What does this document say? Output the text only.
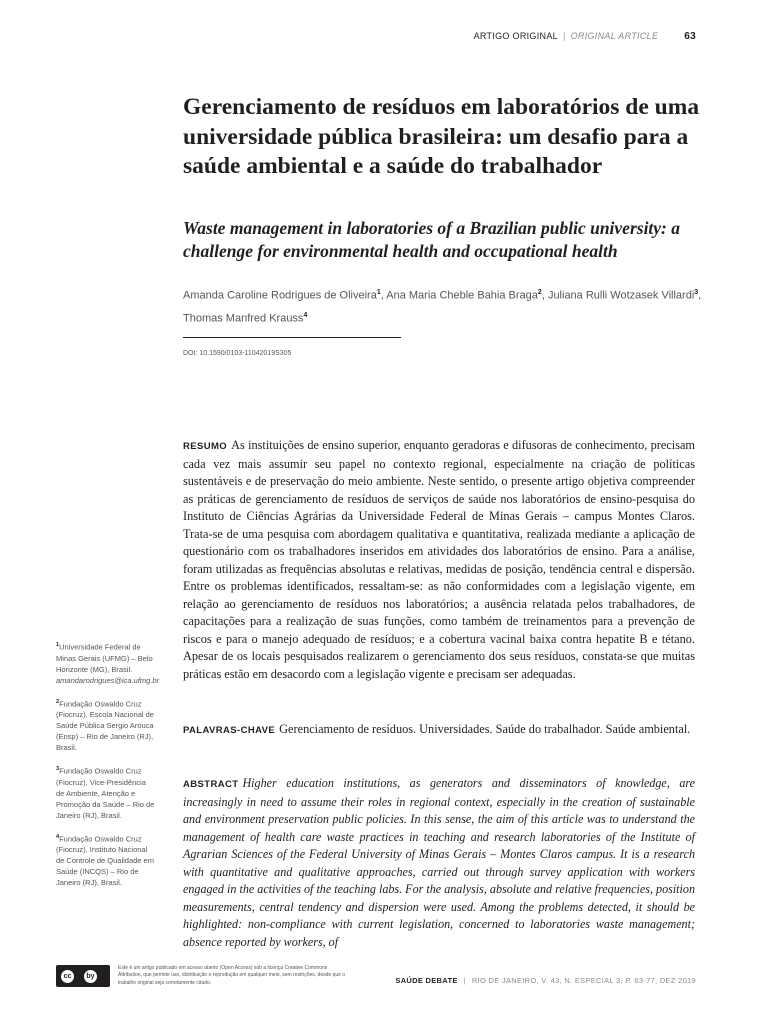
ARTIGO ORIGINAL | ORIGINAL ARTICLE	63
Gerenciamento de resíduos em laboratórios de uma universidade pública brasileira: um desafio para a saúde ambiental e a saúde do trabalhador
Waste management in laboratories of a Brazilian public university: a challenge for environmental health and occupational health
Amanda Caroline Rodrigues de Oliveira$^1$, Ana Maria Cheble Bahia Braga$^2$, Juliana Rulli Wotzasek Villardi$^3$, Thomas Manfred Krauss$^4$
DOI: 10.1590/0103-11042019S305

RESUMO As instituições de ensino superior, enquanto geradoras e difusoras de conhecimento, precisam cada vez mais assumir seu papel no contexto regional, especialmente na criação de políticas sustentáveis e de preservação do meio ambiente. Neste sentido, o presente artigo objetiva compreender as práticas de gerenciamento de resíduos de serviços de saúde nos laboratórios de ensino-pesquisa do Instituto de Ciências Agrárias da Universidade Federal de Minas Gerais – campus Montes Claros. Trata-se de uma pesquisa com abordagem qualitativa e quantitativa, realizada mediante a aplicação de questionário com os trabalhadores inseridos em atividades dos laboratórios de ensino. Para a análise, foram utilizadas as frequências absolutas e relativas, medidas de posição, tendência central e dispersão. Entre os problemas identificados, ressaltam-se: as não conformidades com a legislação vigente, em relação ao gerenciamento de resíduos nos laboratórios; a ausência relatada pelos trabalhadores, de capacitações para a realização de suas funções, como também de treinamentos para a prevenção de riscos e para o manejo adequado de resíduos; e a cobertura vacinal baixa contra hepatite B e tétano. Apesar de os locais pesquisados realizarem o gerenciamento dos seus resíduos, constata-se que muitas práticas estão em desacordo com a legislação vigente e precisam ser adequadas.

PALAVRAS-CHAVE Gerenciamento de resíduos. Universidades. Saúde do trabalhador. Saúde ambiental.

ABSTRACT Higher education institutions, as generators and disseminators of knowledge, are increasingly in need to assume their roles in regional context, especially in the creation of sustainable and environment preservation public policies. In this sense, the aim of this article was to understand the management of health care waste practices in teaching and research laboratories of the Institute of Agrarian Sciences of the Federal University of Minas Gerais – Montes Claros campus. It is a research with quantitative and qualitative approaches, carried out through survey application with workers engaged in the activities of the teaching labs. For the analysis, absolute and relative frequencies, position measurements, central tendency and dispersion were used. Among the problems detected, it should be highlighted: non-compliance with current legislation, concerned to laboratories waste management; absence reported by workers, of

$^1$Universidade Federal de Minas Gerais (UFMG) – Belo Horizonte (MG), Brasil.
amandarodrigues@ica.ufmg.br
$^2$Fundação Oswaldo Cruz (Fiocruz), Escola Nacional de Saúde Pública Sergio Arouca (Ensp) – Rio de Janeiro (RJ), Brasil.
$^3$Fundação Oswaldo Cruz (Fiocruz), Vice-Presidência de Ambiente, Atenção e Promoção da Saúde – Rio de Janeiro (RJ), Brasil.
$^4$Fundação Oswaldo Cruz (Fiocruz), Instituto Nacional de Controle de Qualidade em Saúde (INCQS) – Rio de Janeiro (RJ), Brasil.
cc	by
Este é um artigo publicado em acesso aberto (Open Access) sob a licença Creative Commons Attribution, que permite uso, distribuição e reprodução em qualquer meio, sem restrições, desde que o trabalho original seja corretamente citado.	SAÚDE DEBATE | RIO DE JANEIRO, V. 43, N. ESPECIAL 3, P. 63-77, DEZ 2019
